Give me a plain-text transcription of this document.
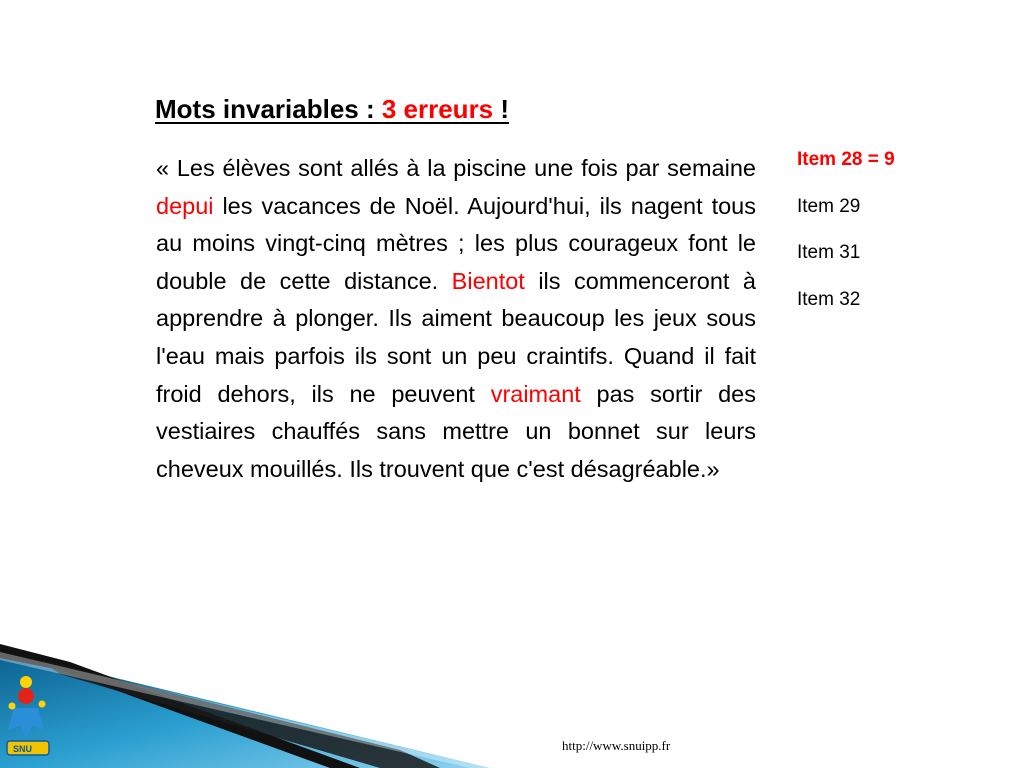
Mots invariables : 3 erreurs !
« Les élèves sont allés à la piscine une fois par semaine depui les vacances de Noël. Aujourd'hui, ils nagent tous au moins vingt-cinq mètres ; les plus courageux font le double de cette distance. Bientot ils commenceront à apprendre à plonger. Ils aiment beaucoup les jeux sous l'eau mais parfois ils sont un peu craintifs. Quand il fait froid dehors, ils ne peuvent vraimant pas sortir des vestiaires chauffés sans mettre un bonnet sur leurs cheveux mouillés. Ils trouvent que c'est désagréable.»
Item 28 = 9
Item 29
Item 31
Item 32
SNU	http://www.snuipp.fr
